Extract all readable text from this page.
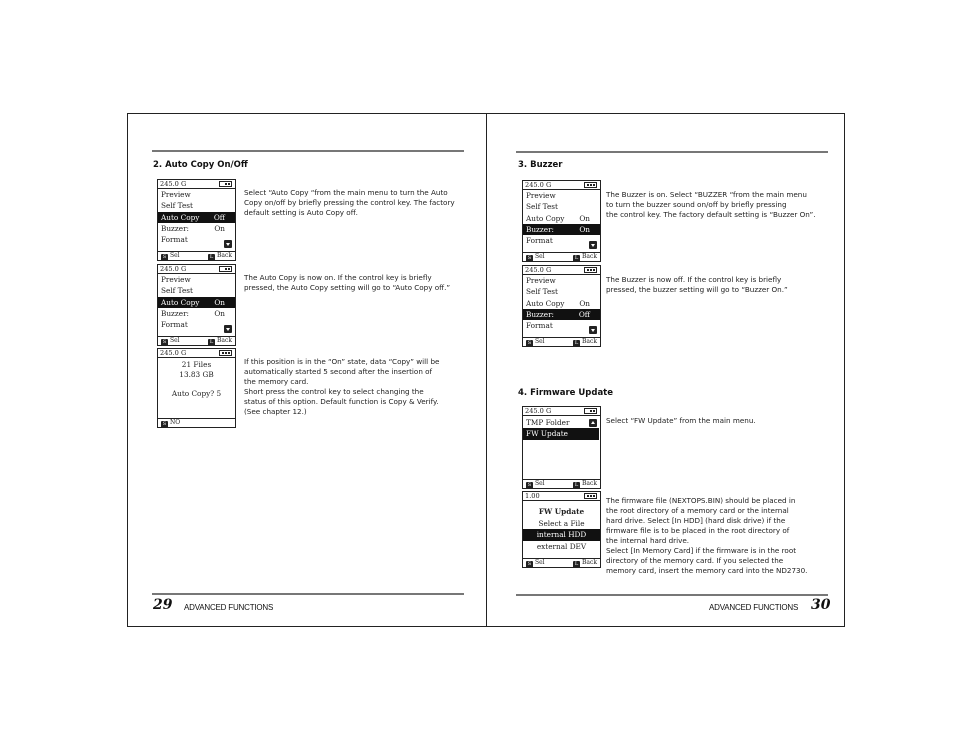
2. Auto Copy On/Off
245.0 G
Preview
Self Test
Auto Copy Off
Buzzer:	On
Format
S Sel	L Back

Select “Auto Copy “from the main menu to turn the Auto

Copy on/off by briefly pressing the control key. The factory

default setting is Auto Copy off.

245.0 G
Preview
Self Test
Auto Copy On
Buzzer:	On
Format
S Sel	L Back

The Auto Copy is now on. If the control key is briefly

pressed, the Auto Copy setting will go to “Auto Copy off.”

245.0 G
21 Files
13.83 GB
Auto Copy? 5
S NO

If this position is in the “On” state, data “Copy” will be

automatically started 5 second after the insertion of

the memory card.

Short press the control key to select changing the

status of this option. Default function is Copy & Verify.

(See chapter 12.)

29 ADVANCED FUNCTIONS
3. Buzzer
245.0 G
Preview
Self Test
Auto Copy On
Buzzer:	On
Format
S Sel	L Back

The Buzzer is on. Select “BUZZER “from the main menu

to turn the buzzer sound on/off by briefly pressing

the control key. The factory default setting is “Buzzer On”.

245.0 G
Preview
Self Test
Auto Copy On
Buzzer:	Off
Format
S Sel	L Back

The Buzzer is now off. If the control key is briefly

pressed, the buzzer setting will go to “Buzzer On.”

4. Firmware Update
245.0 G
TMP Folder
FW Update
S Sel	L Back

Select “FW Update” from the main menu.

1.00
FW Update
Select a File
internal HDD
external DEV
S Sel	L Back

The firmware file (NEXTOPS.BIN) should be placed in

the root directory of a memory card or the internal

hard drive. Select [In HDD] (hard disk drive) if the

firmware file is to be placed in the root directory of

the internal hard drive.

Select [In Memory Card] if the firmware is in the root

directory of the memory card. If you selected the

memory card, insert the memory card into the ND2730.

ADVANCED FUNCTIONS 30
